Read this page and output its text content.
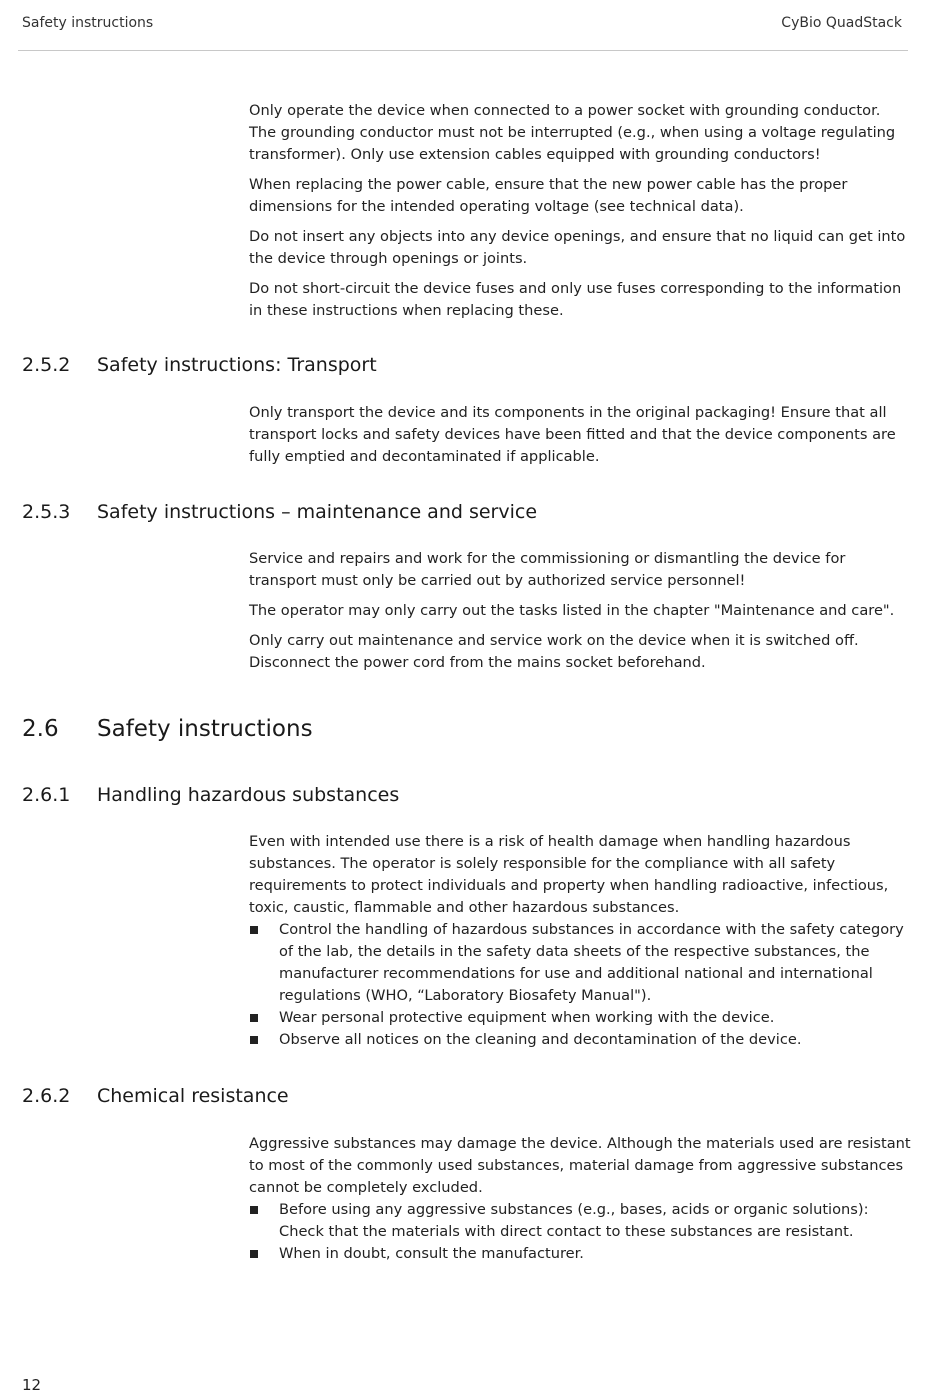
Safety instructions	CyBio QuadStack

Only operate the device when connected to a power socket with grounding conductor. The grounding conductor must not be interrupted (e.g., when using a voltage regulating transformer). Only use extension cables equipped with grounding conductors!

When replacing the power cable, ensure that the new power cable has the proper dimensions for the intended operating voltage (see technical data).

Do not insert any objects into any device openings, and ensure that no liquid can get into the device through openings or joints.

Do not short-circuit the device fuses and only use fuses corresponding to the information in these instructions when replacing these.

2.5.2 Safety instructions: Transport

Only transport the device and its components in the original packaging! Ensure that all transport locks and safety devices have been fitted and that the device components are fully emptied and decontaminated if applicable.

2.5.3 Safety instructions – maintenance and service

Service and repairs and work for the commissioning or dismantling the device for transport must only be carried out by authorized service personnel!

The operator may only carry out the tasks listed in the chapter "Maintenance and care".

Only carry out maintenance and service work on the device when it is switched off. Disconnect the power cord from the mains socket beforehand.

2.6 Safety instructions
2.6.1 Handling hazardous substances

Even with intended use there is a risk of health damage when handling hazardous substances. The operator is solely responsible for the compliance with all safety requirements to protect individuals and property when handling radioactive, infectious, toxic, caustic, flammable and other hazardous substances.

Control the handling of hazardous substances in accordance with the safety category of the lab, the details in the safety data sheets of the respective substances, the manufacturer recommendations for use and additional national and international regulations (WHO, “Laboratory Biosafety Manual").
Wear personal protective equipment when working with the device.
Observe all notices on the cleaning and decontamination of the device.
2.6.2 Chemical resistance

Aggressive substances may damage the device. Although the materials used are resistant to most of the commonly used substances, material damage from aggressive substances cannot be completely excluded.

Before using any aggressive substances (e.g., bases, acids or organic solutions): Check that the materials with direct contact to these substances are resistant.
When in doubt, consult the manufacturer.
12
